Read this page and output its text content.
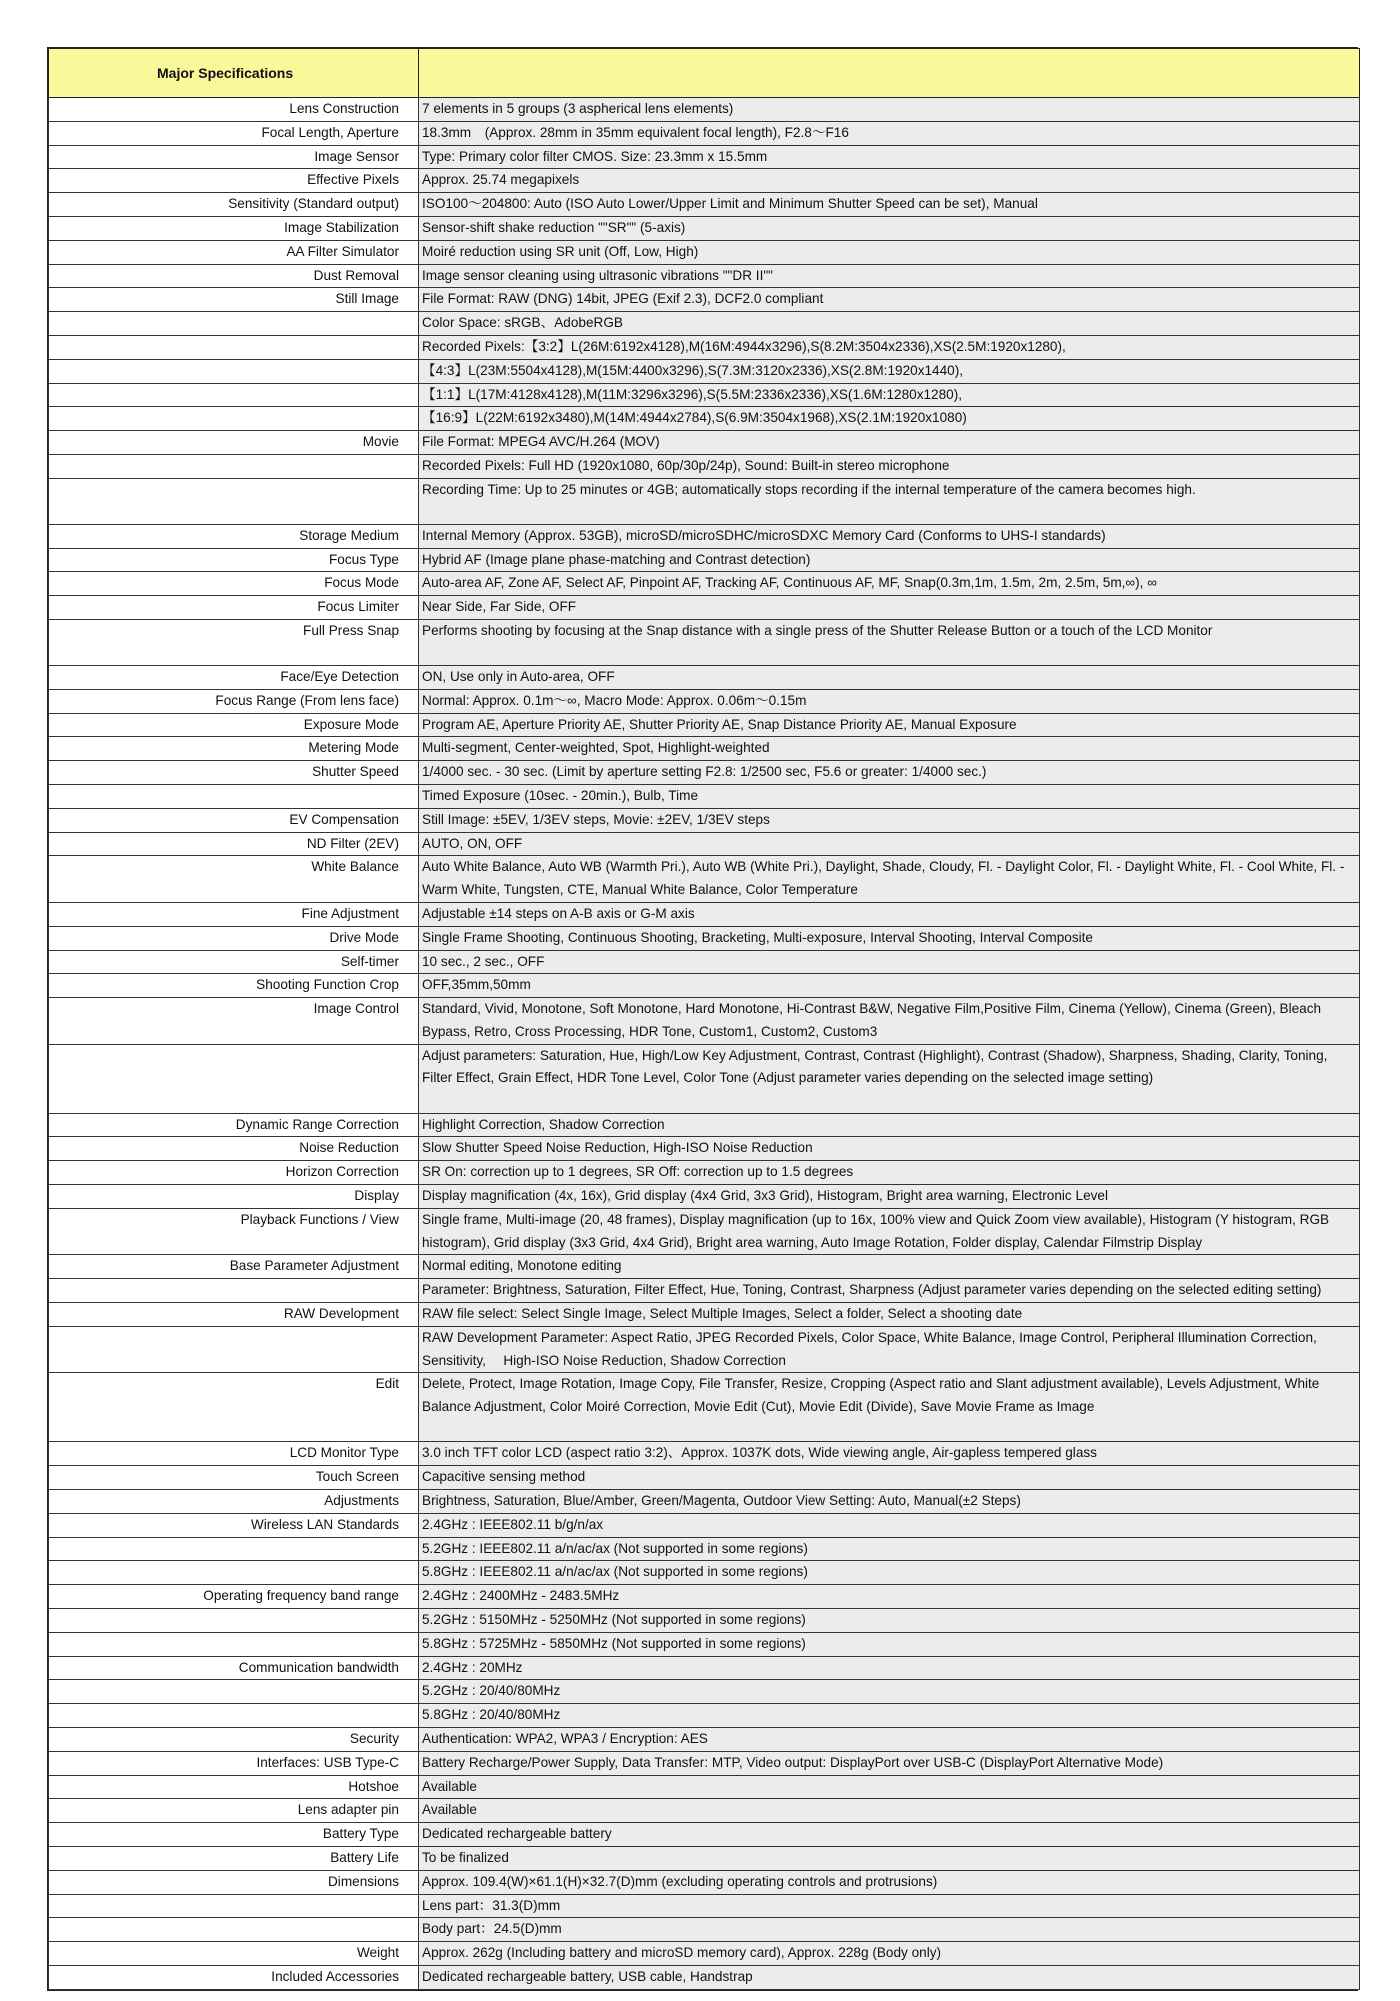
Major Specifications	
Lens Construction	7 elements in 5 groups (3 aspherical lens elements)
Focal Length, Aperture	18.3mm　(Approx. 28mm in 35mm equivalent focal length), F2.8～F16
Image Sensor	Type: Primary color filter CMOS. Size: 23.3mm x 15.5mm
Effective Pixels	Approx. 25.74 megapixels
Sensitivity (Standard output)	ISO100～204800: Auto (ISO Auto Lower/Upper Limit and Minimum Shutter Speed can be set), Manual
Image Stabilization	Sensor-shift shake reduction ""SR"" (5-axis)
AA Filter Simulator	Moiré reduction using SR unit (Off, Low, High)
Dust Removal	Image sensor cleaning using ultrasonic vibrations ""DR II""
Still Image	File Format: RAW (DNG) 14bit, JPEG (Exif 2.3), DCF2.0 compliant
	Color Space: sRGB、AdobeRGB
	Recorded Pixels:【3:2】L(26M:6192x4128),M(16M:4944x3296),S(8.2M:3504x2336),XS(2.5M:1920x1280),
	【4:3】L(23M:5504x4128),M(15M:4400x3296),S(7.3M:3120x2336),XS(2.8M:1920x1440),
	【1:1】L(17M:4128x4128),M(11M:3296x3296),S(5.5M:2336x2336),XS(1.6M:1280x1280),
	【16:9】L(22M:6192x3480),M(14M:4944x2784),S(6.9M:3504x1968),XS(2.1M:1920x1080)
Movie	File Format: MPEG4 AVC/H.264 (MOV)
	Recorded Pixels: Full HD (1920x1080, 60p/30p/24p), Sound: Built-in stereo microphone
	Recording Time: Up to 25 minutes or 4GB; automatically stops recording if the internal temperature of the camera becomes high.
Storage Medium	Internal Memory (Approx. 53GB), microSD/microSDHC/microSDXC Memory Card (Conforms to UHS-I standards)
Focus Type	Hybrid AF (Image plane phase-matching and Contrast detection)
Focus Mode	Auto-area AF, Zone AF, Select AF, Pinpoint AF, Tracking AF, Continuous AF, MF, Snap(0.3m,1m, 1.5m, 2m, 2.5m, 5m,∞), ∞
Focus Limiter	Near Side, Far Side, OFF
Full Press Snap	Performs shooting by focusing at the Snap distance with a single press of the Shutter Release Button or a touch of the LCD Monitor
Face/Eye Detection	ON, Use only in Auto-area, OFF
Focus Range (From lens face)	Normal: Approx. 0.1m～∞, Macro Mode: Approx. 0.06m～0.15m
Exposure Mode	Program AE, Aperture Priority AE, Shutter Priority AE, Snap Distance Priority AE, Manual Exposure
Metering Mode	Multi-segment, Center-weighted, Spot, Highlight-weighted
Shutter Speed	1/4000 sec. - 30 sec. (Limit by aperture setting F2.8: 1/2500 sec, F5.6 or greater: 1/4000 sec.)
	Timed Exposure (10sec. - 20min.), Bulb, Time
EV Compensation	Still Image: ±5EV, 1/3EV steps, Movie: ±2EV, 1/3EV steps
ND Filter (2EV)	AUTO, ON, OFF
White Balance	Auto White Balance, Auto WB (Warmth Pri.), Auto WB (White Pri.), Daylight, Shade, Cloudy, Fl. - Daylight Color, Fl. - Daylight White, Fl. - Cool White, Fl. - Warm White, Tungsten, CTE, Manual White Balance, Color Temperature
Fine Adjustment	Adjustable ±14 steps on A-B axis or G-M axis
Drive Mode	Single Frame Shooting, Continuous Shooting, Bracketing, Multi-exposure, Interval Shooting, Interval Composite
Self-timer	10 sec., 2 sec., OFF
Shooting Function Crop	OFF,35mm,50mm
Image Control	Standard, Vivid, Monotone, Soft Monotone, Hard Monotone, Hi-Contrast B&W, Negative Film,Positive Film, Cinema (Yellow), Cinema (Green), Bleach Bypass, Retro, Cross Processing, HDR Tone, Custom1, Custom2, Custom3
	Adjust parameters: Saturation, Hue, High/Low Key Adjustment, Contrast, Contrast (Highlight), Contrast (Shadow), Sharpness, Shading, Clarity, Toning, Filter Effect, Grain Effect, HDR Tone Level, Color Tone (Adjust parameter varies depending on the selected image setting)
Dynamic Range Correction	Highlight Correction, Shadow Correction
Noise Reduction	Slow Shutter Speed Noise Reduction, High-ISO Noise Reduction
Horizon Correction	SR On: correction up to 1 degrees, SR Off: correction up to 1.5 degrees
Display	Display magnification (4x, 16x), Grid display (4x4 Grid, 3x3 Grid), Histogram, Bright area warning, Electronic Level
Playback Functions / View	Single frame, Multi-image (20, 48 frames), Display magnification (up to 16x, 100% view and Quick Zoom view available), Histogram (Y histogram, RGB histogram), Grid display (3x3 Grid, 4x4 Grid), Bright area warning, Auto Image Rotation, Folder display, Calendar Filmstrip Display
Base Parameter Adjustment	Normal editing, Monotone editing
	Parameter: Brightness, Saturation, Filter Effect, Hue, Toning, Contrast, Sharpness (Adjust parameter varies depending on the selected editing setting)
RAW Development	RAW file select: Select Single Image, Select Multiple Images, Select a folder, Select a shooting date
	RAW Development Parameter: Aspect Ratio, JPEG Recorded Pixels, Color Space, White Balance, Image Control, Peripheral Illumination Correction, Sensitivity,　 High-ISO Noise Reduction, Shadow Correction
Edit	Delete, Protect, Image Rotation, Image Copy, File Transfer, Resize, Cropping (Aspect ratio and Slant adjustment available), Levels Adjustment, White Balance Adjustment, Color Moiré Correction, Movie Edit (Cut), Movie Edit (Divide), Save Movie Frame as Image
LCD Monitor Type	3.0 inch TFT color LCD (aspect ratio 3:2)、Approx. 1037K dots, Wide viewing angle, Air-gapless tempered glass
Touch Screen	Capacitive sensing method
Adjustments	Brightness, Saturation, Blue/Amber, Green/Magenta, Outdoor View Setting: Auto, Manual(±2 Steps)
Wireless LAN Standards	2.4GHz : IEEE802.11 b/g/n/ax
	5.2GHz : IEEE802.11 a/n/ac/ax (Not supported in some regions)
	5.8GHz : IEEE802.11 a/n/ac/ax (Not supported in some regions)
Operating frequency band range	2.4GHz : 2400MHz - 2483.5MHz
	5.2GHz : 5150MHz - 5250MHz (Not supported in some regions)
	5.8GHz : 5725MHz - 5850MHz (Not supported in some regions)
Communication bandwidth	2.4GHz : 20MHz
	5.2GHz : 20/40/80MHz
	5.8GHz : 20/40/80MHz
Security	Authentication: WPA2, WPA3 / Encryption: AES
Interfaces: USB Type-C	Battery Recharge/Power Supply, Data Transfer: MTP, Video output: DisplayPort over USB-C (DisplayPort Alternative Mode)
Hotshoe	Available
Lens adapter pin	Available
Battery Type	Dedicated rechargeable battery
Battery Life	To be finalized
Dimensions	Approx. 109.4(W)×61.1(H)×32.7(D)mm (excluding operating controls and protrusions)
	Lens part：31.3(D)mm
	Body part：24.5(D)mm
Weight	Approx. 262g (Including battery and microSD memory card), Approx. 228g (Body only)
Included Accessories	Dedicated rechargeable battery, USB cable, Handstrap
